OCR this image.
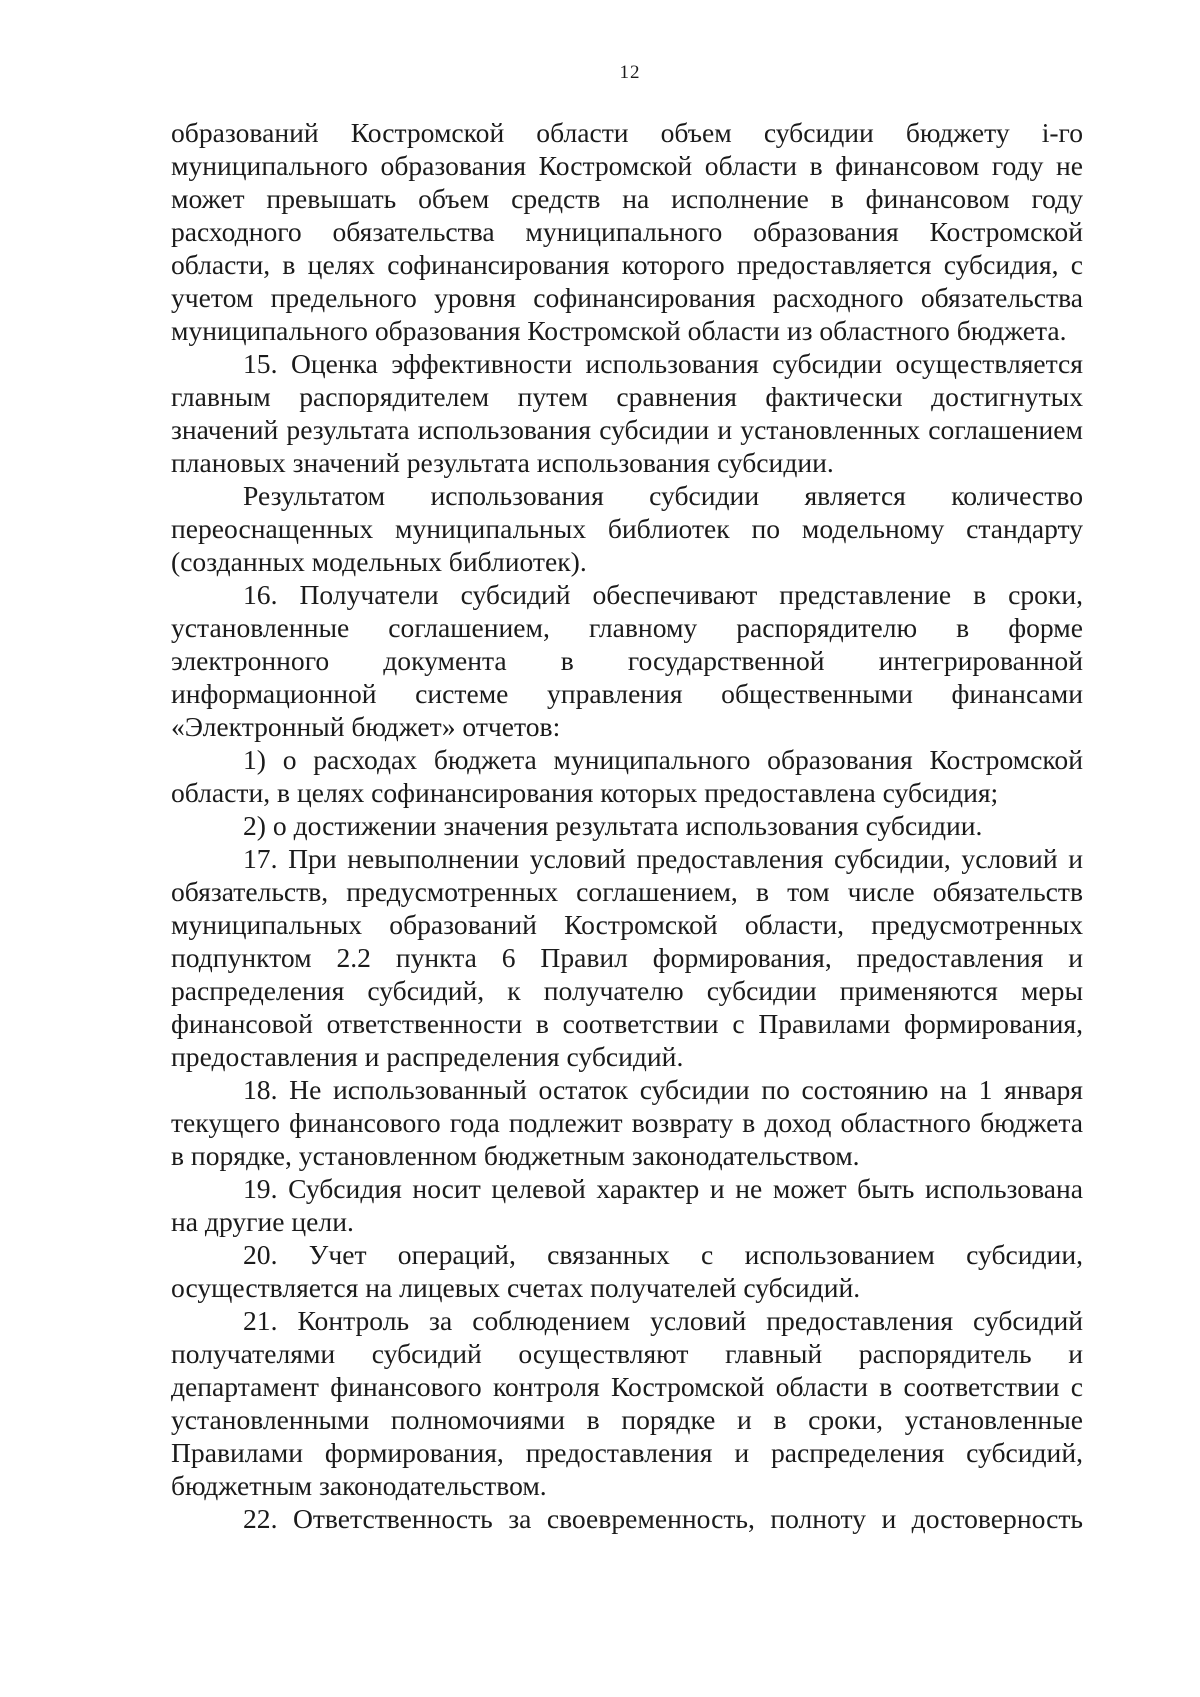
12

образований Костромской области объем субсидии бюджету i-го муниципального образования Костромской области в финансовом году не может превышать объем средств на исполнение в финансовом году расходного обязательства муниципального образования Костромской области, в целях софинансирования которого предоставляется субсидия, с учетом предельного уровня софинансирования расходного обязательства муниципального образования Костромской области из областного бюджета.

15. Оценка эффективности использования субсидии осуществляется главным распорядителем путем сравнения фактически достигнутых значений результата использования субсидии и установленных соглашением плановых значений результата использования субсидии.

Результатом использования субсидии является количество переоснащенных муниципальных библиотек по модельному стандарту (созданных модельных библиотек).

16. Получатели субсидий обеспечивают представление в сроки, установленные соглашением, главному распорядителю в форме электронного документа в государственной интегрированной информационной системе управления общественными финансами «Электронный бюджет» отчетов:

1) о расходах бюджета муниципального образования Костромской области, в целях софинансирования которых предоставлена субсидия;

2) о достижении значения результата использования субсидии.

17. При невыполнении условий предоставления субсидии, условий и обязательств, предусмотренных соглашением, в том числе обязательств муниципальных образований Костромской области, предусмотренных подпунктом 2.2 пункта 6 Правил формирования, предоставления и распределения субсидий, к получателю субсидии применяются меры финансовой ответственности в соответствии с Правилами формирования, предоставления и распределения субсидий.

18. Не использованный остаток субсидии по состоянию на 1 января текущего финансового года подлежит возврату в доход областного бюджета в порядке, установленном бюджетным законодательством.

19. Субсидия носит целевой характер и не может быть использована на другие цели.

20. Учет операций, связанных с использованием субсидии, осуществляется на лицевых счетах получателей субсидий.

21. Контроль за соблюдением условий предоставления субсидий получателями субсидий осуществляют главный распорядитель и департамент финансового контроля Костромской области в соответствии с установленными полномочиями в порядке и в сроки, установленные Правилами формирования, предоставления и распределения субсидий, бюджетным законодательством.

22. Ответственность за своевременность, полноту и достоверность
